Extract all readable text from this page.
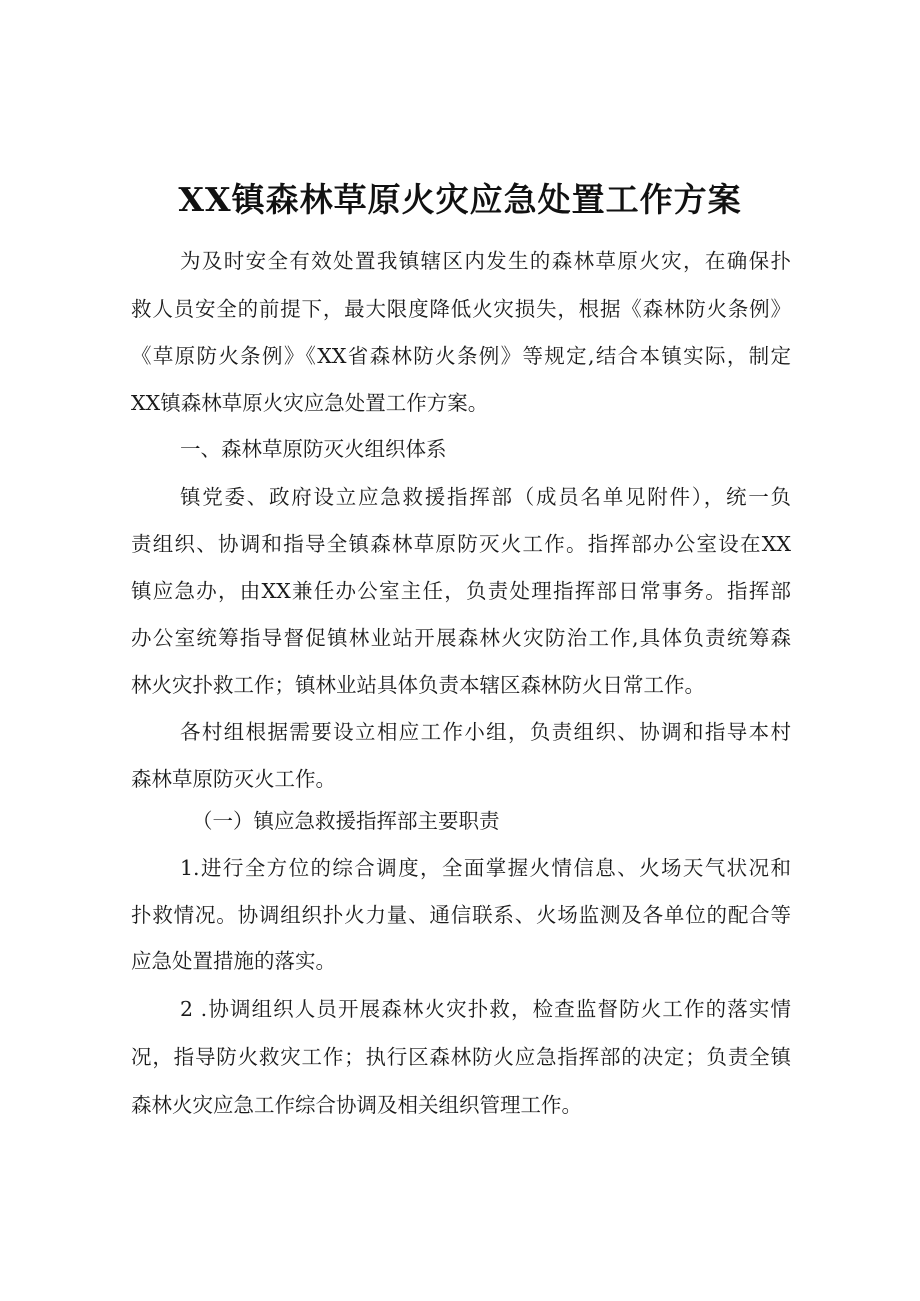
XX镇森林草原火灾应急处置工作方案
为及时安全有效处置我镇辖区内发生的森林草原火灾，在确保扑
救人员安全的前提下，最大限度降低火灾损失，根据《森林防火条例》
《草原防火条例》《XX省森林防火条例》等规定,结合本镇实际，制定
XX镇森林草原火灾应急处置工作方案。
一、森林草原防灭火组织体系
镇党委、政府设立应急救援指挥部（成员名单见附件），统一负
责组织、协调和指导全镇森林草原防灭火工作。指挥部办公室设在XX
镇应急办，由XX兼任办公室主任，负责处理指挥部日常事务。指挥部
办公室统筹指导督促镇林业站开展森林火灾防治工作,具体负责统筹森
林火灾扑救工作；镇林业站具体负责本辖区森林防火日常工作。
各村组根据需要设立相应工作小组，负责组织、协调和指导本村
森林草原防灭火工作。
（一）镇应急救援指挥部主要职责
1.进行全方位的综合调度，全面掌握火情信息、火场天气状况和
扑救情况。协调组织扑火力量、通信联系、火场监测及各单位的配合等
应急处置措施的落实。
2 .协调组织人员开展森林火灾扑救，检查监督防火工作的落实情
况，指导防火救灾工作；执行区森林防火应急指挥部的决定；负责全镇
森林火灾应急工作综合协调及相关组织管理工作。
